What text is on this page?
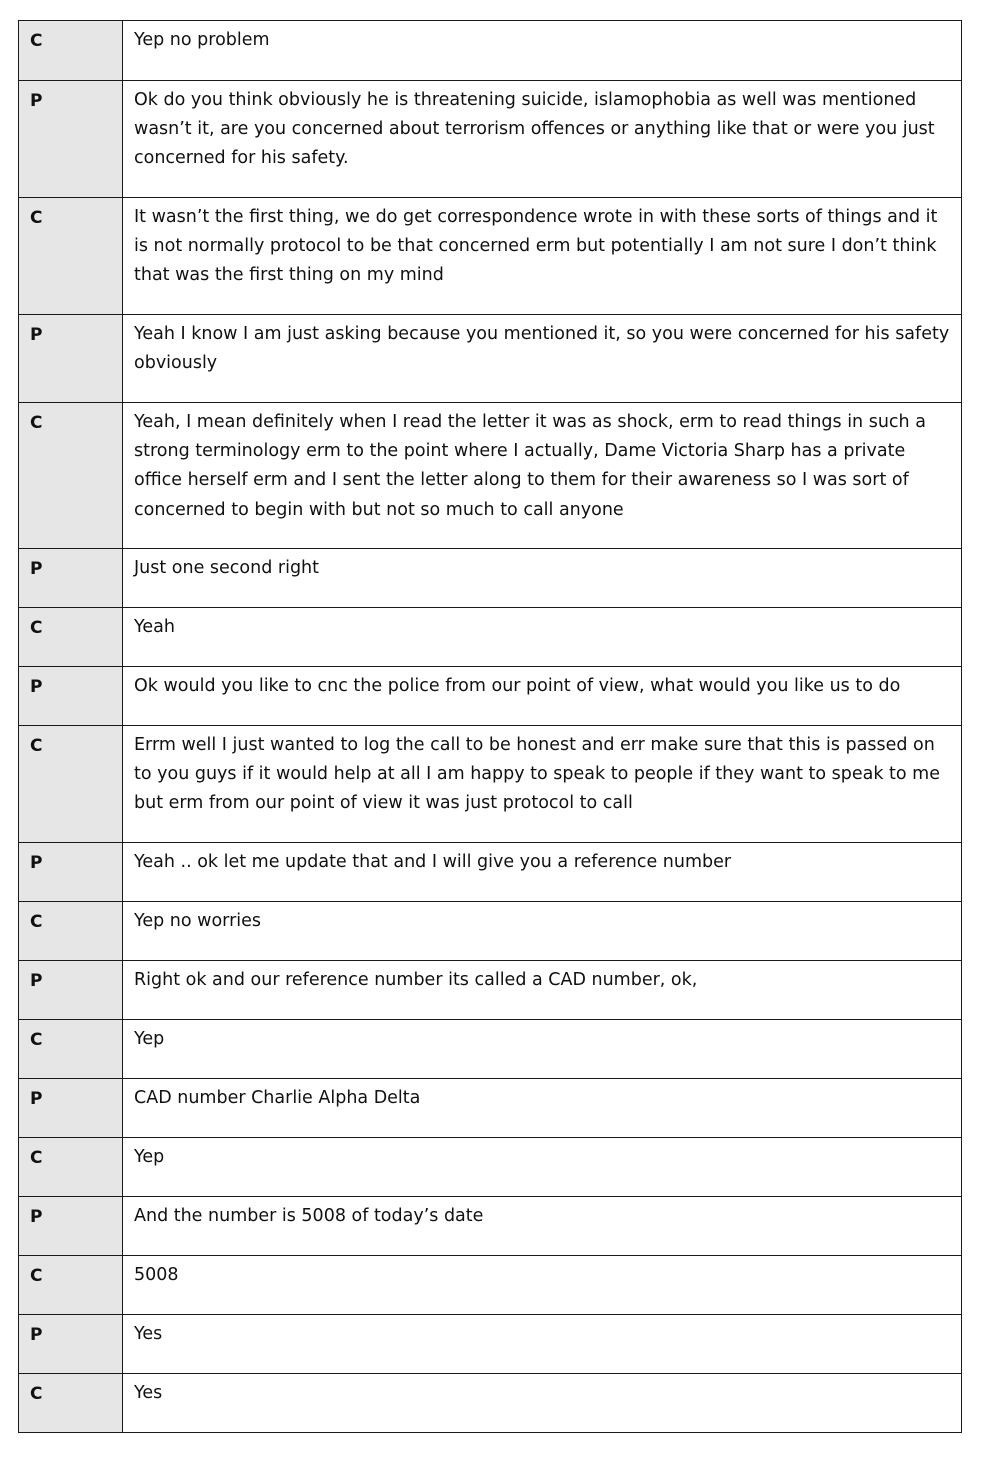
C	Yep no problem
P	Ok do you think obviously he is threatening suicide, islamophobia as well was mentioned wasn’t it, are you concerned about terrorism offences or anything like that or were you just concerned for his safety.
C	It wasn’t the first thing, we do get correspondence wrote in with these sorts of things and it is not normally protocol to be that concerned erm but potentially I am not sure I don’t think that was the first thing on my mind
P	Yeah I know I am just asking because you mentioned it, so you were concerned for his safety obviously
C	Yeah, I mean definitely when I read the letter it was as shock, erm to read things in such a strong terminology erm to the point where I actually, Dame Victoria Sharp has a private office herself erm and I sent the letter along to them for their awareness so I was sort of concerned to begin with but not so much to call anyone
P	Just one second right
C	Yeah
P	Ok would you like to cnc the police from our point of view, what would you like us to do
C	Errm well I just wanted to log the call to be honest and err make sure that this is passed on to you guys if it would help at all I am happy to speak to people if they want to speak to me but erm from our point of view it was just protocol to call
P	Yeah .. ok let me update that and I will give you a reference number
C	Yep no worries
P	Right ok and our reference number its called a CAD number, ok,
C	Yep
P	CAD number Charlie Alpha Delta
C	Yep
P	And the number is 5008 of today’s date
C	5008
P	Yes
C	Yes
